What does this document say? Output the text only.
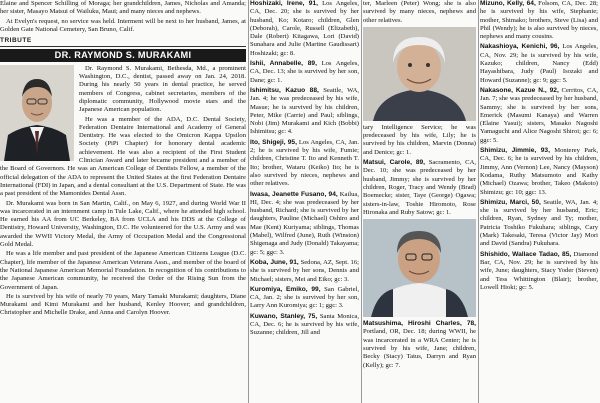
Elaine and Spencer Schilling of Moraga; her grandchildren, James, Nicholas and Amanda; her sister, Masayo Matsui of Wailuku, Maui; and many nieces and nephews.

At Evelyn's request, no service was held. Interment will be next to her husband, James, at Golden Gate National Cemetery, San Bruno, Calif.

TRIBUTE
DR. RAYMOND S. MURAKAMI

Dr. Raymond S. Murakami, Bethesda, Md., a prominent Washington, D.C., dentist, passed away on Jan. 24, 2018. During his nearly 50 years in dental practice, he served members of Congress, cabinet secretaries, members of the diplomatic community, Hollywood movie stars and the Japanese American population.

He was a member of the ADA, D.C. Dental Society, Federation Dentaire International and Academy of General Dentistry. He was elected to the Omicron Kappa Upsilon Society (PiPi Chapter) for honorary dental academic achievement. He was also a recipient of the First Student Clinician Award and later became president and a member of the Board of Governors. He was an American College of Dentists Fellow, a member of the official delegation of the ADA to represent the United States at the first Federation Dentaire International (FDI) in Japan, and a dental consultant at the U.S. Department of State. He was a past president of the Mamonides Dental Assn.

Dr. Murakami was born in San Martin, Calif., on May 6, 1927, and during World War II was incarcerated in an internment camp in Tule Lake, Calif., where he attended high school. He earned his AA from UC Berkeley, BA from UCLA and his DDS at the College of Dentistry, Howard University, Washington, D.C. He volunteered for the U.S. Army and was awarded the WWII Victory Medal, the Army of Occupation Medal and the Congressional Gold Medal.

He was a life member and past president of the Japanese American Citizens League (D.C. Chapter), life member of the Japanese American Veterans Assn., and member of the board of the National Japanese American Memorial Foundation. In recognition of his contributions to the Japanese American community, he received the Order of the Rising Sun from the Government of Japan.

He is survived by his wife of nearly 70 years, Mary Tamaki Murakami; daughters, Diane Murakami and Kimi Murakami and her husband, Kenley Hoover; and grandchildren, Christopher and Michelle Drake, and Anna and Carolyn Hoover.

Hoshizaki, Irene, 91, Los Angeles, CA, Dec. 20; she is survived by her husband, Ko; Kotaro; children, Glen (Deborah), Carole, Russell (Elizabeth), Dale (Robert) Kitagawa, Lori (David) Sunahara and Julie (Martine Gaudissart) Hoshizaki; gc: 8.
Ishii, Annabelle, 89, Los Angeles, CA, Dec. 13; she is survived by her son, Dane; gc: 1.
Ishimitsu, Kazuo 88, Seattle, WA, Jan. 4; he was predeceased by his wife, Masue; he is survived by his children, Peter, Mike (Carrie) and Paul; siblings, Nobi (Jim) Murakami and Kich (Bobbi) Ishimitsu; gc: 4.
Ito, Shigeji, 95, Los Angeles, CA, Jan. 2; he is survived by his wife, Fumie; children, Christine T. Ito and Kenneth T. Ito; brother, Wataru (Keiko) Ito; he is also survived by nieces, nephews and other relatives.
Iwasa, Jeanette Fusano, 94, Kailua, HI, Dec. 4; she was predeceased by her husband, Richard; she is survived by her daughters, Pauline (Michael) Oshiro and Mae (Kent) Kuriyama; siblings, Thomas (Mabel), Wilfred (June), Ruth (Winston) Shigenaga and Judy (Donald) Takayama; gc: 5; ggc: 3.
Koba, June, 91, Sedona, AZ, Sept. 16; she is survived by her sons, Dennis and Michael; sisters, Mei and Eiko; gc: 3.
Kuromiya, Emiko, 99, San Gabriel, CA, Jan. 2; she is survived by her son, Larry Ann Kuromiya; gc: 1; ggc: 3.
Kuwano, Stanley, 75, Santa Monica, CA, Dec. 6; he is survived by his wife, Suzanne; children, Jill and

ter, Marleen (Peter) Wong; she is also survived by many nieces, nephews and other relatives.

tary Intelligence Service; he was predeceased by his wife, Lily; he is survived by his children, Marvin (Donna) and Denice; gc: 1.
Matsui, Carole, 89, Sacramento, CA, Dec. 10; she was predeceased by her husband, Jimmy; she is survived by her children, Roger, Tracy and Wendy (Brad) Boemecke; sister, Taye (George) Ogawa; sisters-in-law, Toshie Hiromoto, Rose Hironaka and Ruby Satow; gc: 1.
Matsushima, Hiroshi Charles, 78, Portland, OR, Dec. 18; during WWII, he was incarcerated in a WRA Center; he is survived by his wife, Jane; children, Becky (Stacy) Tatus, Darryn and Ryan (Kelly); gc: 7.
Mizuno, Kelly, 64, Folsom, CA, Dec. 28; he is survived by his wife, Stephanie; mother, Shimako; brothers, Steve (Lisa) and Phil (Wendy); he is also survived by nieces, nephews and many cousins.
Nakashioya, Kenichi, 96, Los Angeles, CA, Nov. 29; he is survived by his wife, Kazuko; children, Nancy (Edd) Hayashibara, Judy (Paul) Isozaki and Howard (Suzanne); gc: 9; ggc: 5.
Nakasone, Kazue N., 92, Cerritos, CA, Jan. 7; she was predeceased by her husband, Sammy; she is survived by her sons, Emerick (Masumi Kanaya) and Warren (Elaine Yasui); sisters, Masako Nagoshi Yamaguchi and Alice Nagoshi Shiroi; gc: 6; ggc: 5.
Shimizu, Jimmie, 93, Monterey Park, CA, Dec. 6; he is survived by his children, Jimmy, Ann (Vernon) Lee, Nancy (Mayson) Kodama, Ruthy Matsumoto and Kathy (Michael) Ozawa; brother, Takeo (Makoto) Shimizu; gc: 10; ggc: 13.
Shimizu, Marci, 50, Seattle, WA, Jan. 4; she is survived by her husband, Eric; children, Ryan, Sydney and Ty; mother, Patricia Toshiko Fukuhara; siblings, Cary (Mark) Takesaki, Teresa (Victor Jay) Mori and David (Sandra) Fukuhara.
Shishido, Wallace Tadao, 85, Diamond Bar, CA, Nov. 29; he is survived by his wife, June; daughters, Stacy Yoder (Steven) and Tess Whittington (Blair); brother, Lowell Hioki; gc: 5.
